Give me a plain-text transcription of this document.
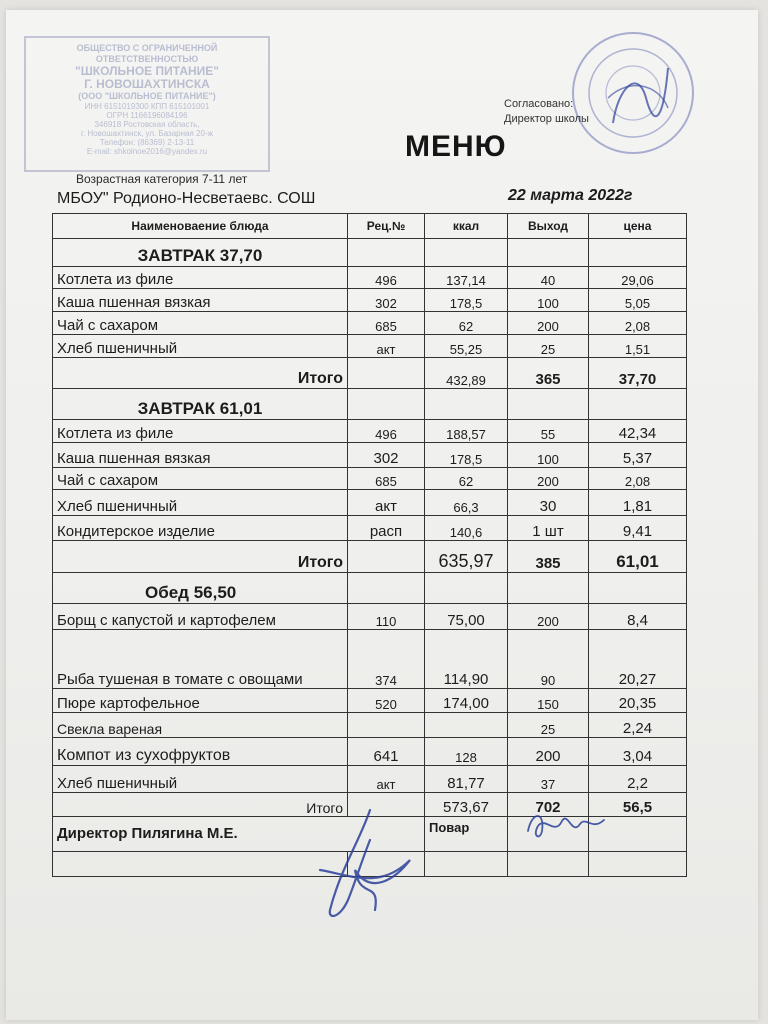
ОБЩЕСТВО С ОГРАНИЧЕННОЙ
ОТВЕТСТВЕННОСТЬЮ
"ШКОЛЬНОЕ ПИТАНИЕ"
Г. НОВОШАХТИНСКА
(ООО "ШКОЛЬНОЕ ПИТАНИЕ")
ИНН 6151019300 КПП 615101001
ОГРН 1166196084196
346918 Ростовская область,
г. Новошахтинск, ул. Базарная 20-ж
Телефон: (86369) 2-13-11
E-mail: shkolnoe2016@yandex.ru
Согласовано:
Директор школы
МЕНЮ
Возрастная категория 7-11 лет
МБОУ" Родионо-Несветаевс. СОШ	22 марта 2022г
Наименоваение блюда	Рец.№	ккал	Выход	цена
ЗАВТРАК 37,70				
Котлета из филе	496	137,14	40	29,06
Каша пшенная вязкая	302	178,5	100	5,05
Чай с сахаром	685	62	200	2,08
Хлеб пшеничный	акт	55,25	25	1,51
Итого		432,89	365	37,70
ЗАВТРАК 61,01				
Котлета из филе	496	188,57	55	42,34
Каша пшенная вязкая	302	178,5	100	5,37
Чай с сахаром	685	62	200	2,08
Хлеб пшеничный	акт	66,3	30	1,81
Кондитерское изделие	расп	140,6	1 шт	9,41
Итого		635,97	385	61,01
Обед 56,50				
Борщ с капустой и картофелем	110	75,00	200	8,4
Рыба тушеная в томате с овощами	374	114,90	90	20,27
Пюре картофельное	520	174,00	150	20,35
Свекла вареная			25	2,24
Компот из сухофруктов	641	128	200	3,04
Хлеб пшеничный	акт	81,77	37	2,2
Итого		573,67	702	56,5
Директор Пилягина М.Е.		Повар		
